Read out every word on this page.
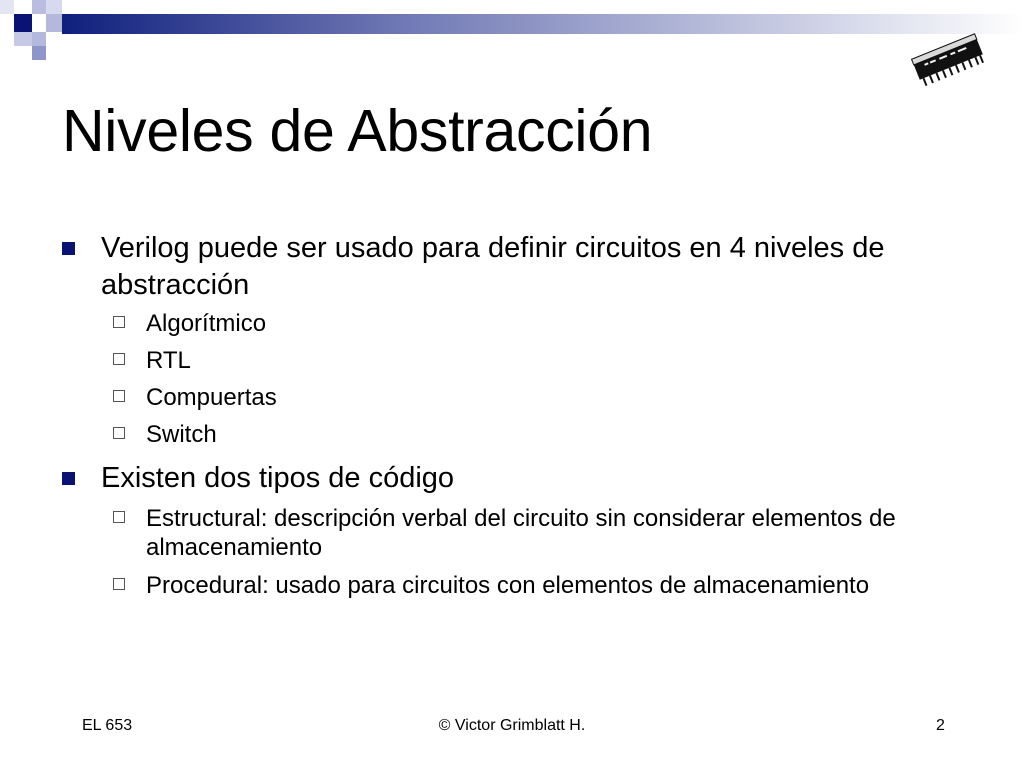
Niveles de Abstracción
Verilog puede ser usado para definir circuitos en 4 niveles de abstracción
Algorítmico
RTL
Compuertas
Switch
Existen dos tipos de código
Estructural: descripción verbal del circuito sin considerar elementos de almacenamiento
Procedural: usado para circuitos con elementos de almacenamiento
EL 653	© Victor Grimblatt H.	2
